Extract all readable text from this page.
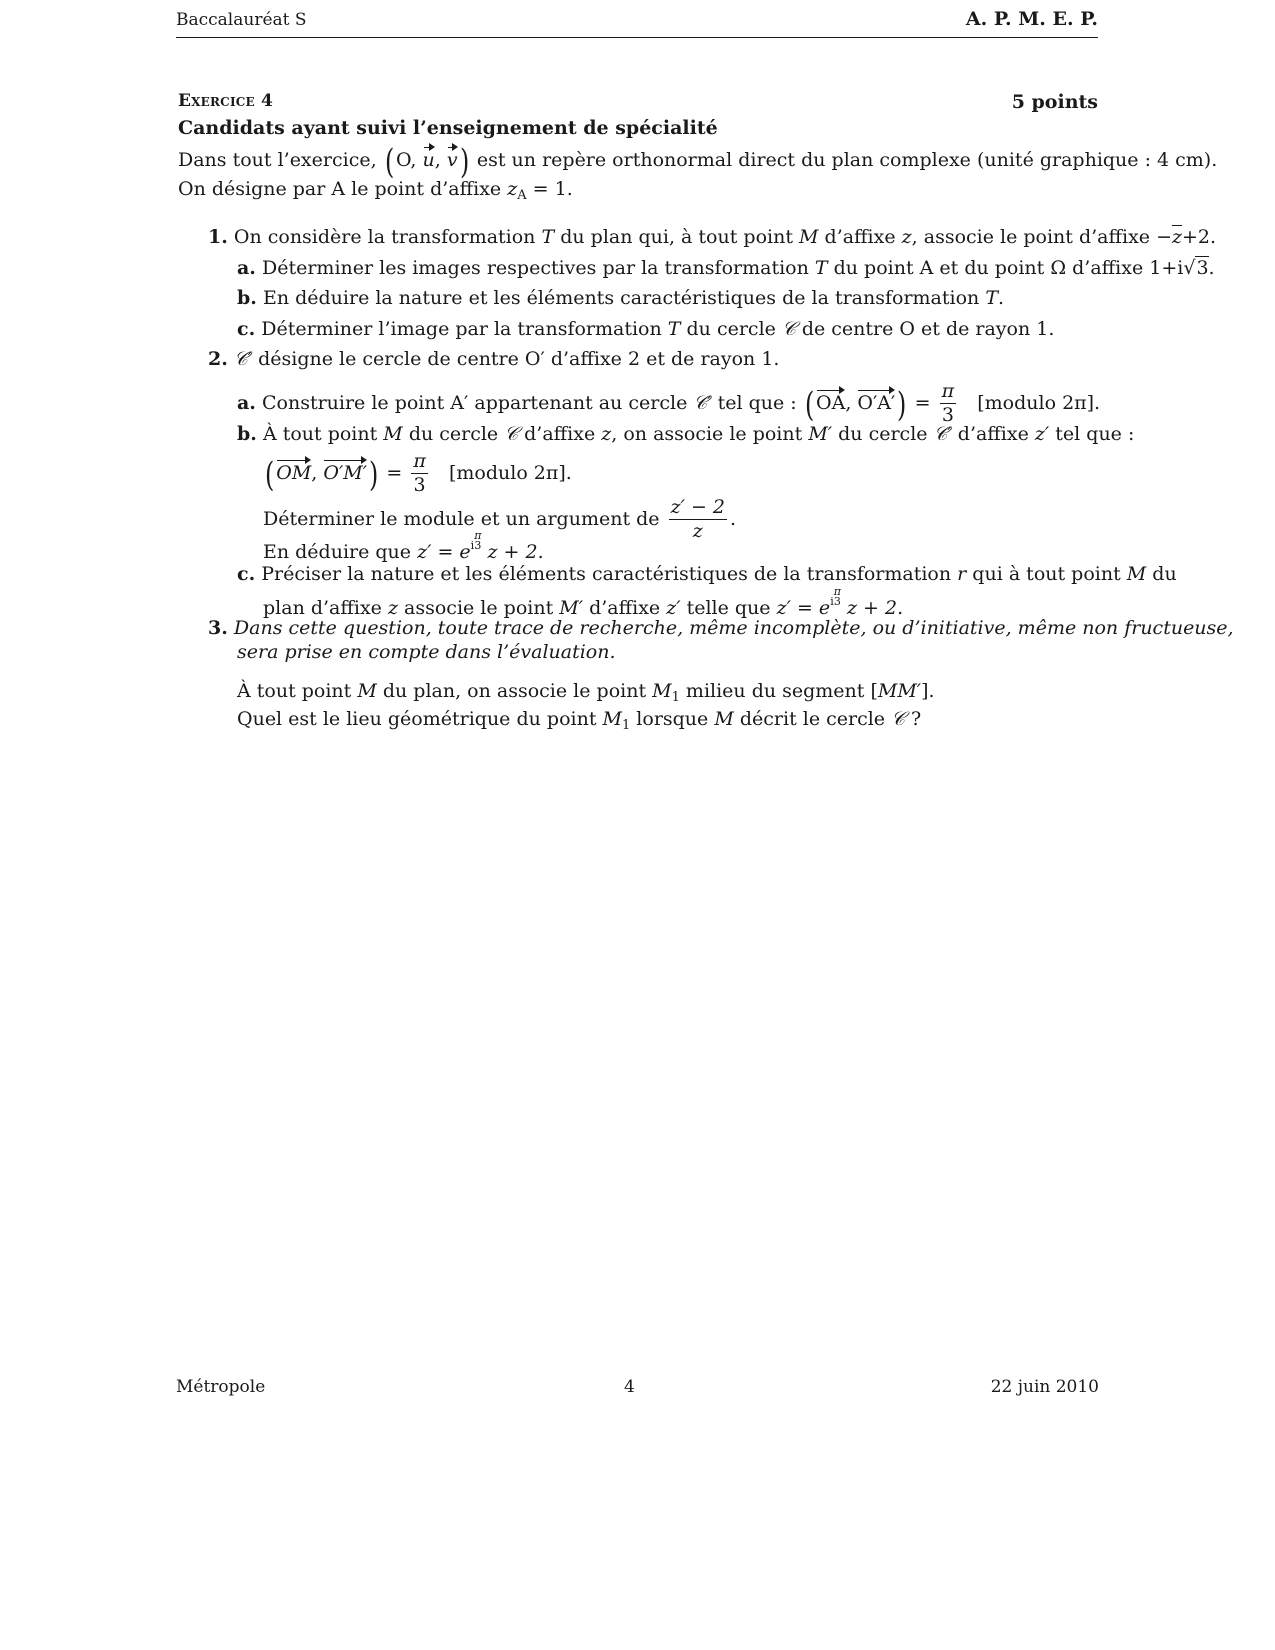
Baccalauréat S	A. P. M. E. P.
Exercice 4	5 points
Candidats ayant suivi l’enseignement de spécialité
Dans tout l’exercice, ( O, u, v) est un repère orthonormal direct du plan complexe (unité graphique : 4 cm).
On désigne par A le point d’affixe $z_A = 1$.
1. On considère la transformation T du plan qui, à tout point M d’affixe z, associe le point d’affixe $-\overline{z}+2$.
a. Déterminer les images respectives par la transformation T du point A et du point Ω d’affixe 1+i√3.
b. En déduire la nature et les éléments caractéristiques de la transformation T.
c. Déterminer l’image par la transformation T du cercle 𝒞 de centre O et de rayon 1.
2. 𝒞′ désigne le cercle de centre O′ d’affixe 2 et de rayon 1.
a. Construire le point A′ appartenant au cercle 𝒞′ tel que : ( OA, $O'A') = \frac{\pi}{3}$ [modulo 2π].
b. À tout point M du cercle 𝒞 d’affixe z, on associe le point M′ du cercle 𝒞′ d’affixe z′ tel que :
( OM, $O'M') = \frac{\pi}{3}$ [modulo 2π].
Déterminer le module et un argument de $\frac{z' - 2}{z}$ .
En déduire que z′ = ei
π
3 z + 2.
c. Préciser la nature et les éléments caractéristiques de la transformation r qui à tout point M du
plan d’affixe z associe le point M′ d’affixe z′ telle que z′ = ei
π
3 z + 2.
3. Dans cette question, toute trace de recherche, même incomplète, ou d’initiative, même non fructueuse,
sera prise en compte dans l’évaluation.
À tout point M du plan, on associe le point $M_1$ milieu du segment [MM′].
Quel est le lieu géométrique du point $M_1$ lorsque M décrit le cercle 𝒞 ?
Métropole	4	22 juin 2010
